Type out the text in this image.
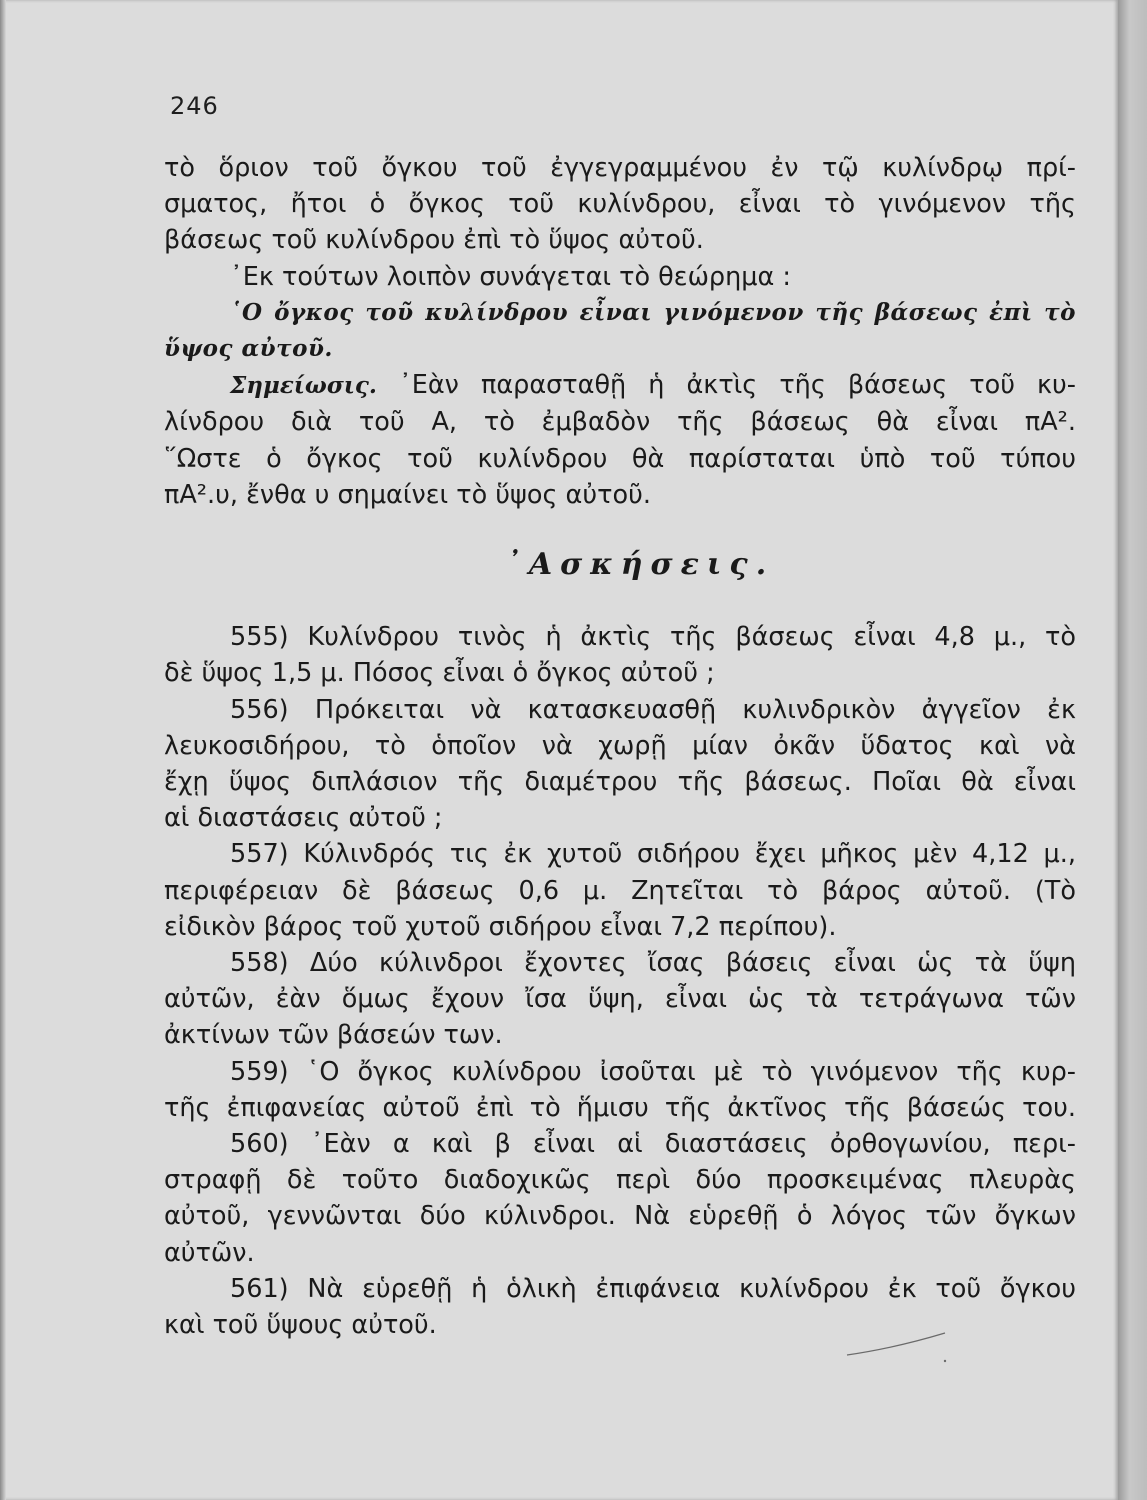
246

τὸ ὅριον τοῦ ὄγκου τοῦ ἐγγεγραμμένου ἐν τῷ κυλίνδρῳ πρί-
σματος, ἤτοι ὁ ὄγκος τοῦ κυλίνδρου, εἶναι τὸ γινόμενον τῆς
βάσεως τοῦ κυλίνδρου ἐπὶ τὸ ὕψος αὐτοῦ.

᾿Εκ τούτων λοιπὸν συνάγεται τὸ θεώρημα :

῾Ο ὄγκος τοῦ κυλίνδρου εἶναι γινόμενον τῆς βάσεως ἐπὶ τὸ
ὕψος αὐτοῦ.

Σημείωσις. ᾿Εὰν παρασταθῇ ἡ ἀκτὶς τῆς βάσεως τοῦ κυ-
λίνδρου διὰ τοῦ Α, τὸ ἐμβαδὸν τῆς βάσεως θὰ εἶναι πΑ².
῞Ωστε ὁ ὄγκος τοῦ κυλίνδρου θὰ παρίσταται ὑπὸ τοῦ τύπου
πΑ².υ, ἔνθα υ σημαίνει τὸ ὕψος αὐτοῦ.

᾿Ασκήσεις.

555) Κυλίνδρου τινὸς ἡ ἀκτὶς τῆς βάσεως εἶναι 4,8 μ., τὸ
δὲ ὕψος 1,5 μ. Πόσος εἶναι ὁ ὄγκος αὐτοῦ ;

556) Πρόκειται νὰ κατασκευασθῇ κυλινδρικὸν ἀγγεῖον ἐκ
λευκοσιδήρου, τὸ ὁποῖον νὰ χωρῇ μίαν ὀκᾶν ὕδατος καὶ νὰ
ἔχῃ ὕψος διπλάσιον τῆς διαμέτρου τῆς βάσεως. Ποῖαι θὰ εἶναι
αἱ διαστάσεις αὐτοῦ ;

557) Κύλινδρός τις ἐκ χυτοῦ σιδήρου ἔχει μῆκος μὲν 4,12 μ.,
περιφέρειαν δὲ βάσεως 0,6 μ. Ζητεῖται τὸ βάρος αὐτοῦ. (Τὸ
εἰδικὸν βάρος τοῦ χυτοῦ σιδήρου εἶναι 7,2 περίπου).

558) Δύο κύλινδροι ἔχοντες ἴσας βάσεις εἶναι ὡς τὰ ὕψη
αὐτῶν, ἐὰν ὅμως ἔχουν ἴσα ὕψη, εἶναι ὡς τὰ τετράγωνα τῶν
ἀκτίνων τῶν βάσεών των.

559) ῾Ο ὄγκος κυλίνδρου ἰσοῦται μὲ τὸ γινόμενον τῆς κυρ-
τῆς ἐπιφανείας αὐτοῦ ἐπὶ τὸ ἥμισυ τῆς ἀκτῖνος τῆς βάσεώς του.

560) ᾿Εὰν α καὶ β εἶναι αἱ διαστάσεις ὀρθογωνίου, περι-
στραφῇ δὲ τοῦτο διαδοχικῶς περὶ δύο προσκειμένας πλευρὰς
αὐτοῦ, γεννῶνται δύο κύλινδροι. Νὰ εὑρεθῇ ὁ λόγος τῶν ὄγκων
αὐτῶν.

561) Νὰ εὑρεθῇ ἡ ὁλικὴ ἐπιφάνεια κυλίνδρου ἐκ τοῦ ὄγκου
καὶ τοῦ ὕψους αὐτοῦ.
